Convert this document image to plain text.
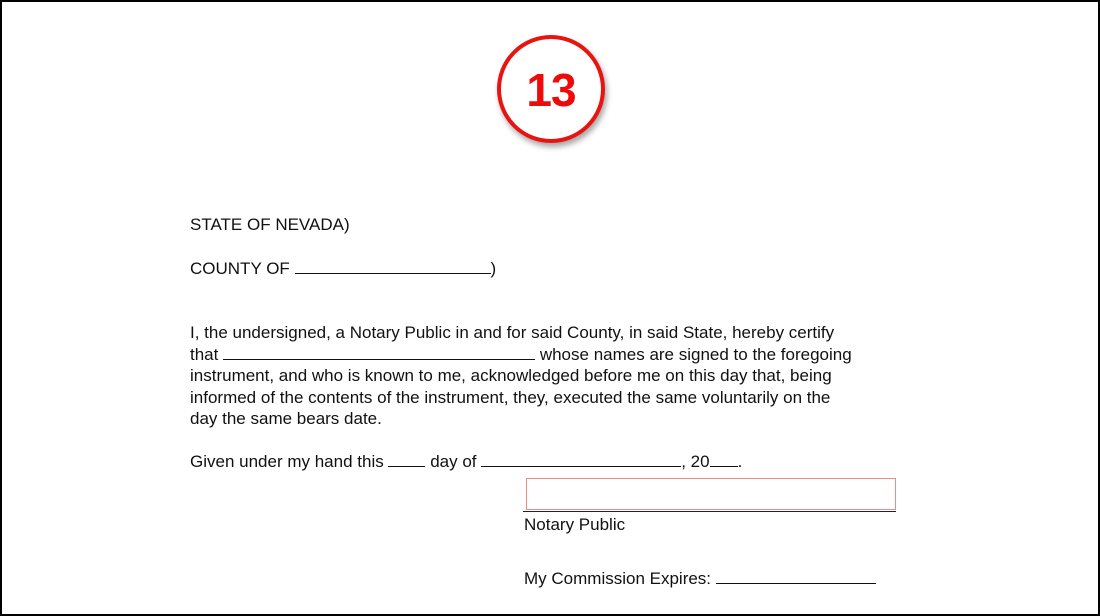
13
STATE OF NEVADA)
COUNTY OF	)
I, the undersigned, a Notary Public in and for said County, in said State, hereby certify
that	whose names are signed to the foregoing
instrument, and who is known to me, acknowledged before me on this day that, being
informed of the contents of the instrument, they, executed the same voluntarily on the
day the same bears date.
Given under my hand this	day of	, 20 .
Notary Public
My Commission Expires:
